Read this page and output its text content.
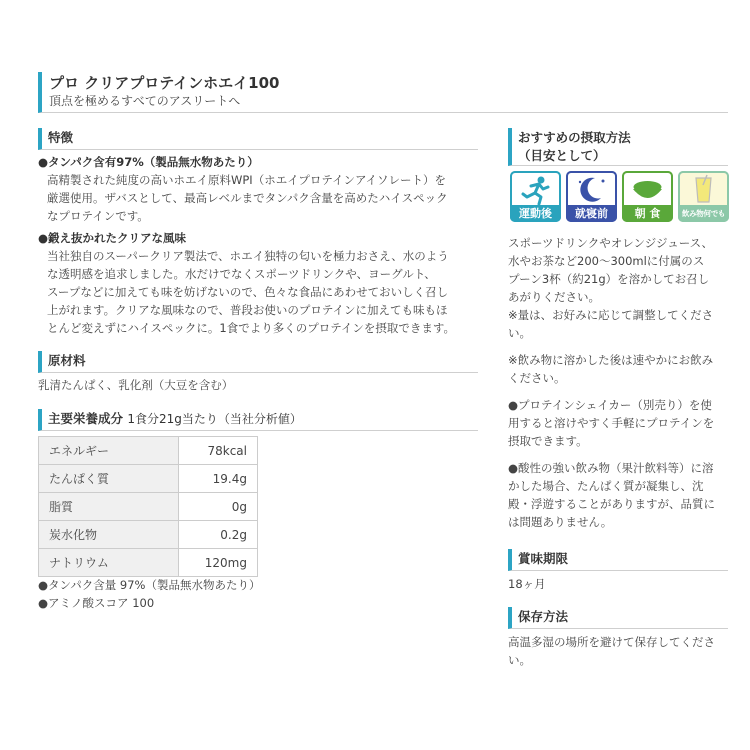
プロ クリアプロテインホエイ100
頂点を極めるすべてのアスリートへ
特徴
●タンパク含有97%（製品無水物あたり）
高精製された純度の高いホエイ原料WPI（ホエイプロテインアイソレート）を
厳選使用。ザバスとして、最高レベルまでタンパク含量を高めたハイスペック
なプロテインです。
●鍛え抜かれたクリアな風味
当社独自のスーパークリア製法で、ホエイ独特の匂いを極力おさえ、水のよう
な透明感を追求しました。水だけでなくスポーツドリンクや、ヨーグルト、
スープなどに加えても味を妨げないので、色々な食品にあわせておいしく召し
上がれます。クリアな風味なので、普段お使いのプロテインに加えても味もほ
とんど変えずにハイスペックに。1食でより多くのプロテインを摂取できます。
原材料
乳清たんぱく、乳化剤（大豆を含む）
主要栄養成分 1食分21g当たり（当社分析値）
エネルギー	78kcal
たんぱく質	19.4g
脂質	0g
炭水化物	0.2g
ナトリウム	120mg
●タンパク含量 97%（製品無水物あたり）
●アミノ酸スコア 100
おすすめの摂取方法
（目安として）
運動後	就寝前	朝 食	飲み物何でも
スポーツドリンクやオレンジジュース、
水やお茶など200～300mlに付属のス
プーン3杯（約21g）を溶かしてお召し
あがりください。
※量は、お好みに応じて調整してくださ
い。
※飲み物に溶かした後は速やかにお飲み
ください。
●プロテインシェイカー（別売り）を使
用すると溶けやすく手軽にプロテインを
摂取できます。
●酸性の強い飲み物（果汁飲料等）に溶
かした場合、たんぱく質が凝集し、沈
殿・浮遊することがありますが、品質に
は問題ありません。
賞味期限
18ヶ月
保存方法
高温多湿の場所を避けて保存してくださ
い。
